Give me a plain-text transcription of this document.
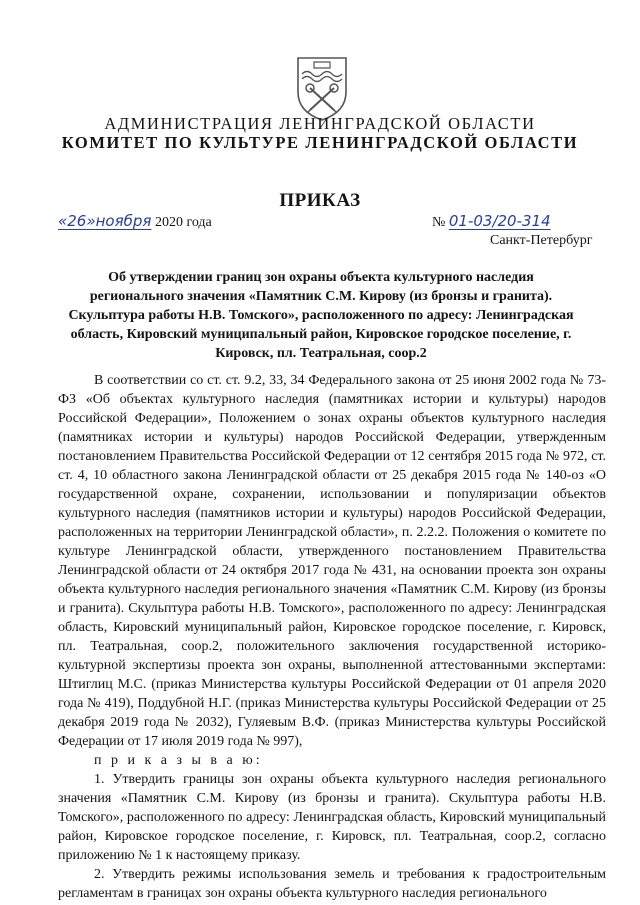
АДМИНИСТРАЦИЯ ЛЕНИНГРАДСКОЙ ОБЛАСТИ
КОМИТЕТ ПО КУЛЬТУРЕ ЛЕНИНГРАДСКОЙ ОБЛАСТИ
ПРИКАЗ
«26»ноября 2020 года	№ 01-03/20-314
Санкт-Петербург
Об утверждении границ зон охраны объекта культурного наследия регионального значения «Памятник С.М. Кирову (из бронзы и гранита). Скульптура работы Н.В. Томского», расположенного по адресу: Ленинградская область, Кировский муниципальный район, Кировское городское поселение, г. Кировск, пл. Театральная, соор.2

В соответствии со ст. ст. 9.2, 33, 34 Федерального закона от 25 июня 2002 года № 73-ФЗ «Об объектах культурного наследия (памятниках истории и культуры) народов Российской Федерации», Положением о зонах охраны объектов культурного наследия (памятниках истории и культуры) народов Российской Федерации, утвержденным постановлением Правительства Российской Федерации от 12 сентября 2015 года № 972, ст. ст. 4, 10 областного закона Ленинградской области от 25 декабря 2015 года № 140-оз «О государственной охране, сохранении, использовании и популяризации объектов культурного наследия (памятников истории и культуры) народов Российской Федерации, расположенных на территории Ленинградской области», п. 2.2.2. Положения о комитете по культуре Ленинградской области, утвержденного постановлением Правительства Ленинградской области от 24 октября 2017 года № 431, на основании проекта зон охраны объекта культурного наследия регионального значения «Памятник С.М. Кирову (из бронзы и гранита). Скульптура работы Н.В. Томского», расположенного по адресу: Ленинградская область, Кировский муниципальный район, Кировское городское поселение, г. Кировск, пл. Театральная, соор.2, положительного заключения государственной историко-культурной экспертизы проекта зон охраны, выполненной аттестованными экспертами: Штиглиц М.С. (приказ Министерства культуры Российской Федерации от 01 апреля 2020 года № 419), Поддубной Н.Г. (приказ Министерства культуры Российской Федерации от 25 декабря 2019 года № 2032), Гуляевым В.Ф. (приказ Министерства культуры Российской Федерации от 17 июля 2019 года № 997),

п р и к а з ы в а ю:

1. Утвердить границы зон охраны объекта культурного наследия регионального значения «Памятник С.М. Кирову (из бронзы и гранита). Скульптура работы Н.В. Томского», расположенного по адресу: Ленинградская область, Кировский муниципальный район, Кировское городское поселение, г. Кировск, пл. Театральная, соор.2, согласно приложению № 1 к настоящему приказу.

2. Утвердить режимы использования земель и требования к градостроительным регламентам в границах зон охраны объекта культурного наследия регионального
